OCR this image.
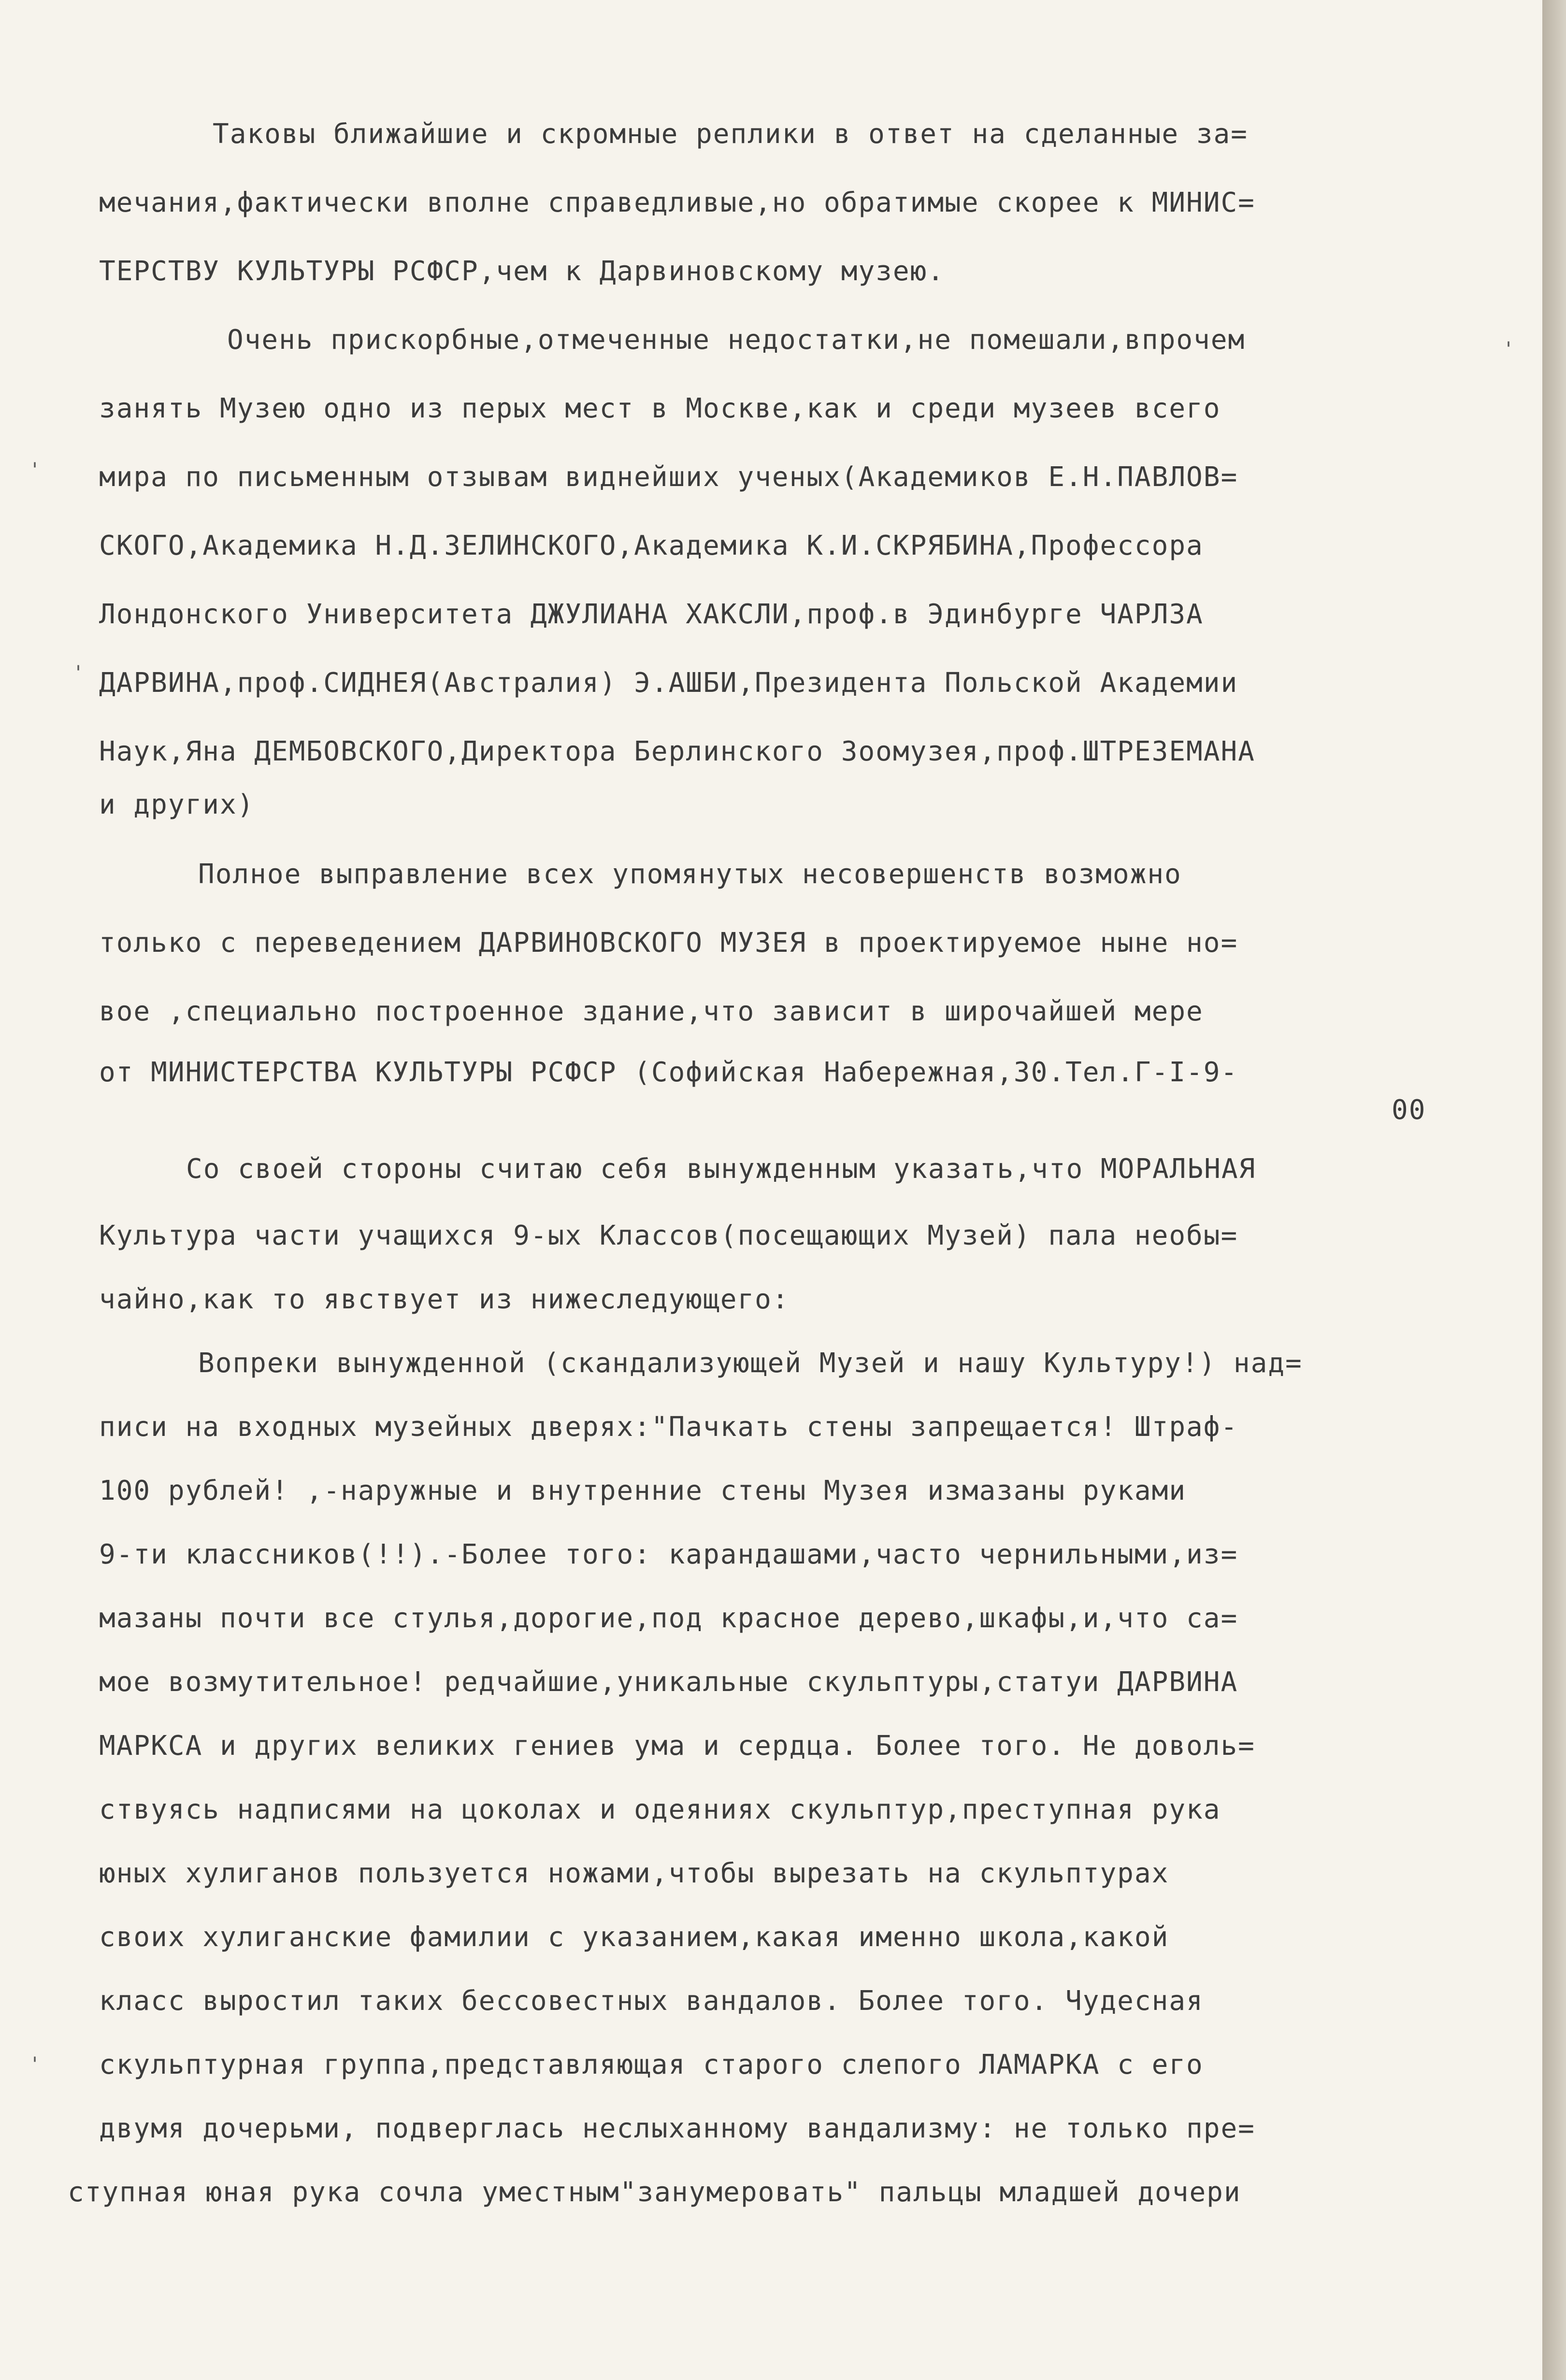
Таковы ближайшие и скромные реплики в ответ на сделанные за=

мечания,фактически вполне справедливые,но обратимые скорее к МИНИС=

ТЕРСТВУ КУЛЬТУРЫ РСФСР,чем к Дарвиновскому музею.

Очень прискорбные,отмеченные недостатки,не помешали,впрочем

занять Музею одно из перых мест в Москве,как и среди музеев всего

мира по письменным отзывам виднейших ученых(Академиков Е.Н.ПАВЛОВ=

СКОГО,Академика Н.Д.ЗЕЛИНСКОГО,Академика К.И.СКРЯБИНА,Профессора

Лондонского Университета ДЖУЛИАНА ХАКСЛИ,проф.в Эдинбурге ЧАРЛЗА

ДАРВИНА,проф.СИДНЕЯ(Австралия) Э.АШБИ,Президента Польской Академии

Наук,Яна ДЕМБОВСКОГО,Директора Берлинского Зоомузея,проф.ШТРЕЗЕМАНА

и других)

Полное выправление всех упомянутых несовершенств возможно

только с переведением ДАРВИНОВСКОГО МУЗЕЯ в проектируемое ныне но=

вое ,специально построенное здание,что зависит в широчайшей мере

от МИНИСТЕРСТВА КУЛЬТУРЫ РСФСР (Софийская Набережная,30.Тел.Г-I-9-

00

Со своей стороны считаю себя вынужденным указать,что МОРАЛЬНАЯ

Культура части учащихся 9-ых Классов(посещающих Музей) пала необы=

чайно,как то явствует из нижеследующего:

Вопреки вынужденной (скандализующей Музей и нашу Культуру!) над=

писи на входных музейных дверях:"Пачкать стены запрещается! Штраф-

100 рублей! ,-наружные и внутренние стены Музея измазаны руками

9-ти классников(!!).-Более того: карандашами,часто чернильными,из=

мазаны почти все стулья,дорогие,под красное дерево,шкафы,и,что са=

мое возмутительное! редчайшие,уникальные скульптуры,статуи ДАРВИНА

МАРКСА и других великих гениев ума и сердца. Более того. Не доволь=

ствуясь надписями на цоколах и одеяниях скульптур,преступная рука

юных хулиганов пользуется ножами,чтобы вырезать на скульптурах

своих хулиганские фамилии с указанием,какая именно школа,какой

класс выростил таких бессовестных вандалов. Более того. Чудесная

скульптурная группа,представляющая старого слепого ЛАМАРКА с его

двумя дочерьми, подверглась неслыханному вандализму: не только пре=

ступная юная рука сочла уместным"занумеровать" пальцы младшей дочери

'
'
'
'
